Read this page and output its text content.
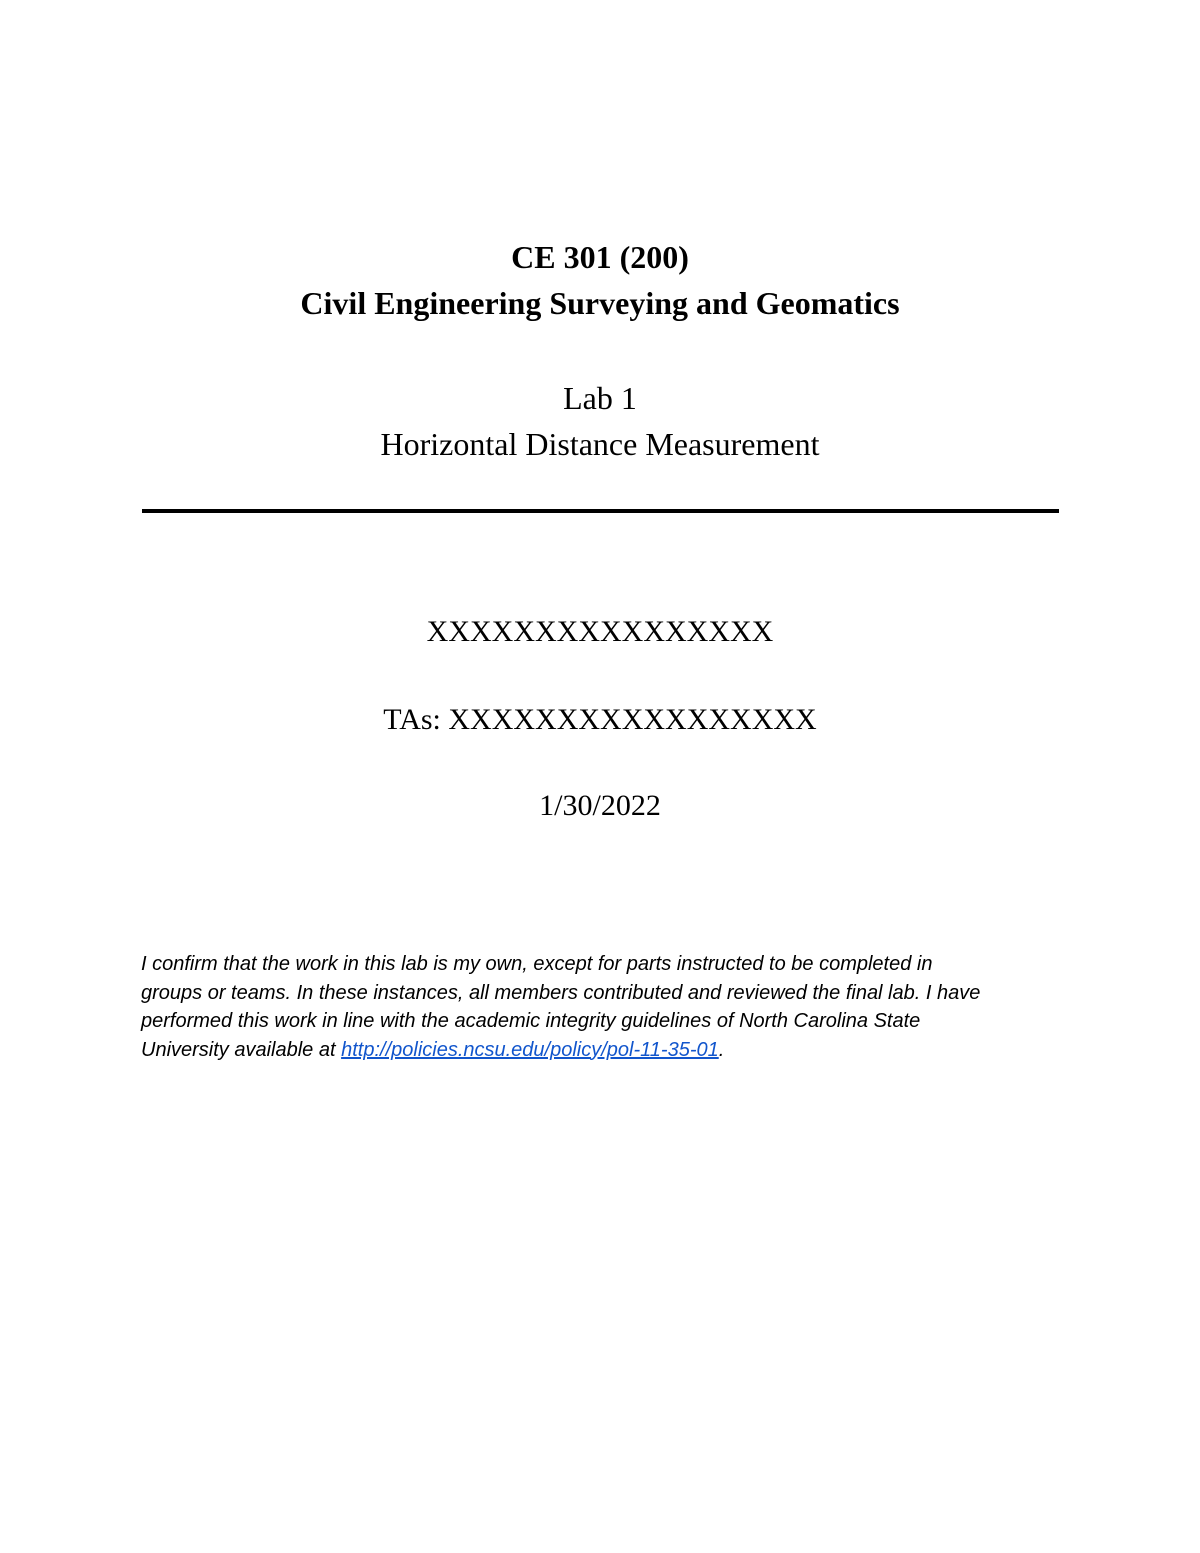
CE 301 (200)
Civil Engineering Surveying and Geomatics
Lab 1
Horizontal Distance Measurement
XXXXXXXXXXXXXXXX
TAs: XXXXXXXXXXXXXXXXX
1/30/2022
I confirm that the work in this lab is my own, except for parts instructed to be completed in
groups or teams. In these instances, all members contributed and reviewed the final lab. I have
performed this work in line with the academic integrity guidelines of North Carolina State
University available at http://policies.ncsu.edu/policy/pol-11-35-01.
